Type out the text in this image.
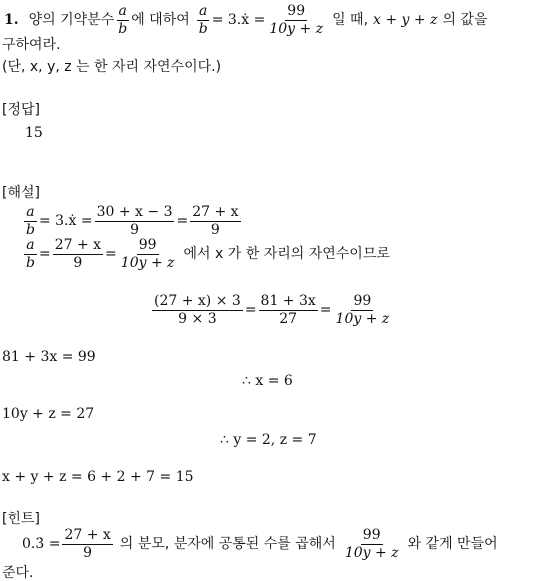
1. 양의 기약분수 $\frac{a}{b}$ 에 대하여 $\frac{a}{b}$ = 3.ẋ = $\frac{99}{10y + z}$ 일 때, x + y + z 의 값을
구하여라.
(단, x, y, z 는 한 자리 자연수이다.)
[정답]
15
[해설]
$\frac{a}{b}$ = 3.ẋ = $\frac{30 + x - 3}{9} = \frac{27 + x}{9}$
$\frac{a}{b} = \frac{27 + x}{9} = \frac{99}{10y + z}$ 에서 x 가 한 자리의 자연수이므로
$\frac{(27 + x) \times 3}{9 \times 3} = \frac{81 + 3x}{27} = \frac{99}{10y + z}$
81 + 3x = 99
∴ x = 6
10y + z = 27
∴ y = 2, z = 7
x + y + z = 6 + 2 + 7 = 15
[힌트]
0.3̇ = $\frac{27 + x}{9}$ 의 분모, 분자에 공통된 수를 곱해서 $\frac{99}{10y + z}$ 와 같게 만들어
준다.
